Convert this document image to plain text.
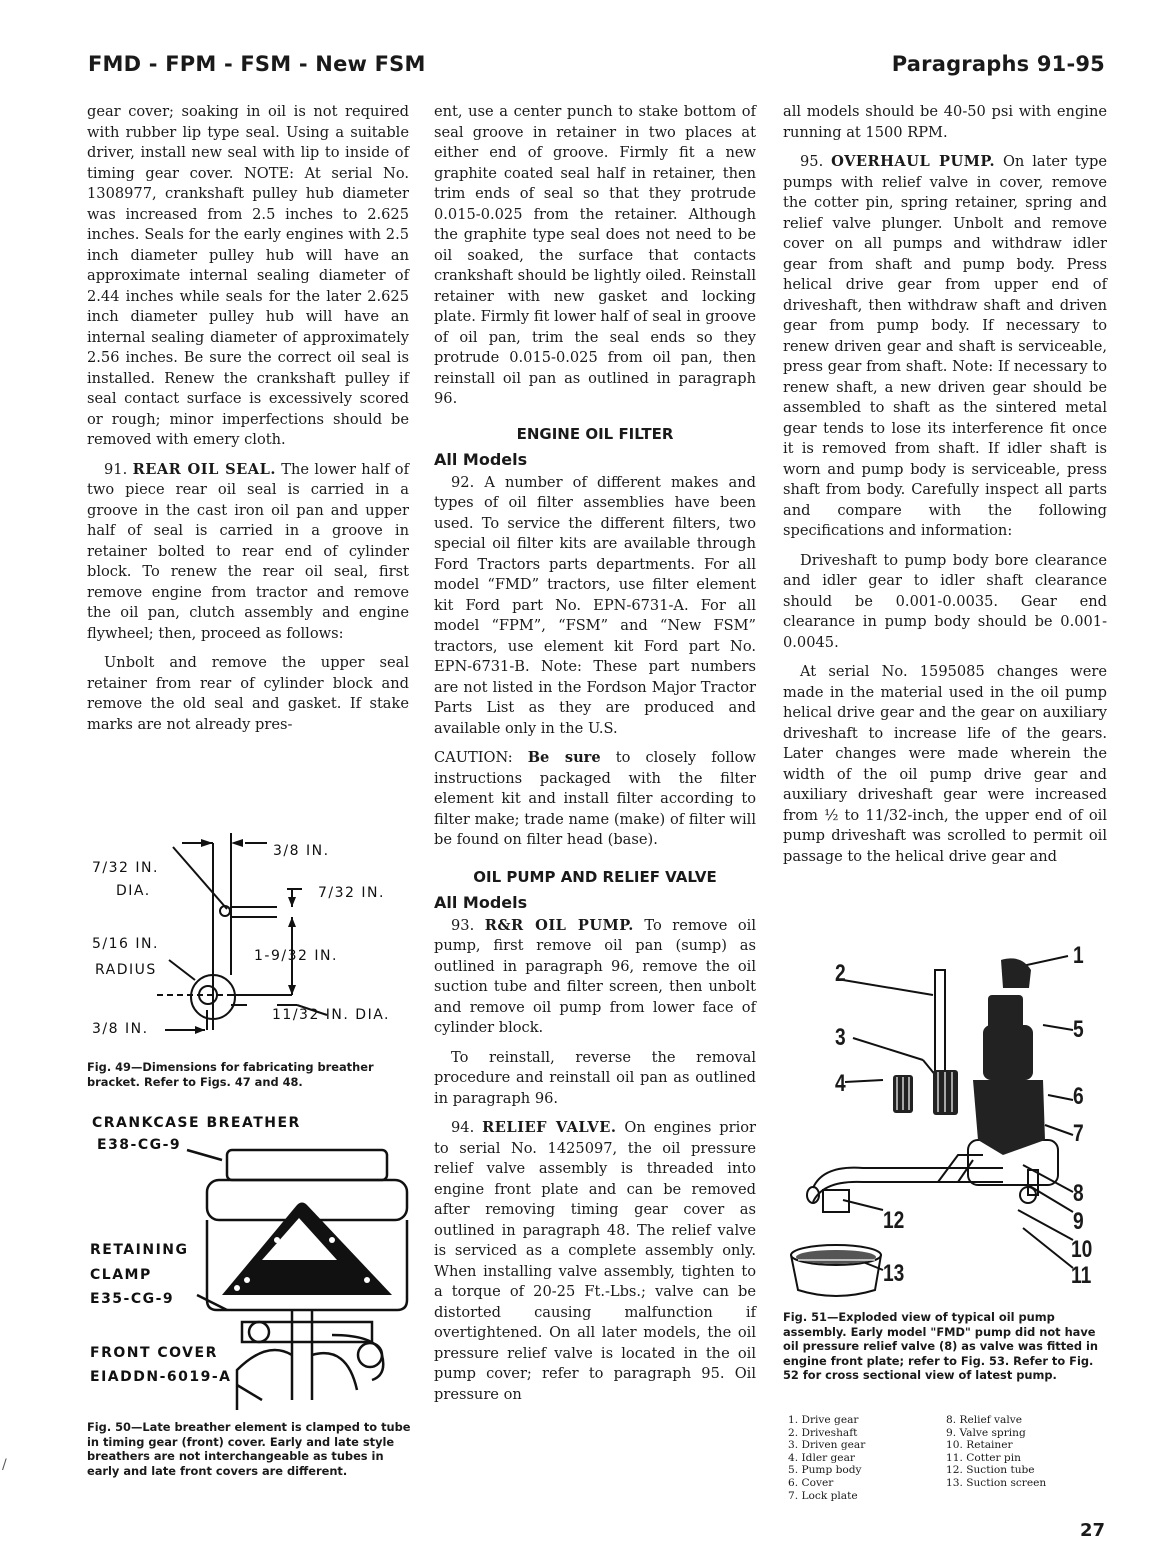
FMD - FPM - FSM - New FSM	Paragraphs 91-95

gear cover; soaking in oil is not required with rubber lip type seal. Using a suitable driver, install new seal with lip to inside of timing gear cover. NOTE: At serial No. 1308977, crankshaft pulley hub diameter was increased from 2.5 inches to 2.625 inches. Seals for the early engines with 2.5 inch diameter pulley hub will have an approximate internal sealing diameter of 2.44 inches while seals for the later 2.625 inch diameter pulley hub will have an internal sealing diameter of approximately 2.56 inches. Be sure the correct oil seal is installed. Renew the crankshaft pulley if seal contact surface is excessively scored or rough; minor imperfections should be removed with emery cloth.

91. REAR OIL SEAL. The lower half of two piece rear oil seal is carried in a groove in the cast iron oil pan and upper half of seal is carried in a groove in retainer bolted to rear end of cylinder block. To renew the rear oil seal, first remove engine from tractor and remove the oil pan, clutch assembly and engine flywheel; then, proceed as follows:

Unbolt and remove the upper seal retainer from rear of cylinder block and remove the old seal and gasket. If stake marks are not already pres-

3/8 IN.
7/32 IN.
DIA.	7/32 IN.
5/16 IN.
RADIUS
1-9/32 IN.
11/32 IN. DIA.
3/8 IN.
Fig. 49—Dimensions for fabricating breather bracket. Refer to Figs. 47 and 48.
CRANKCASE BREATHER
E38-CG-9
RETAINING
CLAMP
E35-CG-9
FRONT COVER
EIADDN-6019-A
Fig. 50—Late breather element is clamped to tube in timing gear (front) cover. Early and late style breathers are not interchangeable as tubes in early and late front covers are different.

ent, use a center punch to stake bottom of seal groove in retainer in two places at either end of groove. Firmly fit a new graphite coated seal half in retainer, then trim ends of seal so that they protrude 0.015-0.025 from the retainer. Although the graphite type seal does not need to be oil soaked, the surface that contacts crankshaft should be lightly oiled. Reinstall retainer with new gasket and locking plate. Firmly fit lower half of seal in groove of oil pan, trim the seal ends so they protrude 0.015-0.025 from oil pan, then reinstall oil pan as outlined in paragraph 96.

ENGINE OIL FILTER
All Models

92. A number of different makes and types of oil filter assemblies have been used. To service the different filters, two special oil filter kits are available through Ford Tractors parts departments. For all model “FMD” tractors, use filter element kit Ford part No. EPN-6731-A. For all model “FPM”, “FSM” and “New FSM” tractors, use element kit Ford part No. EPN-6731-B. Note: These part numbers are not listed in the Fordson Major Tractor Parts List as they are produced and available only in the U.S.

CAUTION: Be sure to closely follow instructions packaged with the filter element kit and install filter according to filter make; trade name (make) of filter will be found on filter head (base).

OIL PUMP AND RELIEF VALVE
All Models

93. R&R OIL PUMP. To remove oil pump, first remove oil pan (sump) as outlined in paragraph 96, remove the oil suction tube and filter screen, then unbolt and remove oil pump from lower face of cylinder block.

To reinstall, reverse the removal procedure and reinstall oil pan as outlined in paragraph 96.

94. RELIEF VALVE. On engines prior to serial No. 1425097, the oil pressure relief valve assembly is threaded into engine front plate and can be removed after removing timing gear cover as outlined in paragraph 48. The relief valve is serviced as a complete assembly only. When installing valve assembly, tighten to a torque of 20-25 Ft.-Lbs.; valve can be distorted causing malfunction if overtightened. On all later models, the oil pressure relief valve is located in the oil pump cover; refer to paragraph 95. Oil pressure on

all models should be 40-50 psi with engine running at 1500 RPM.

95. OVERHAUL PUMP. On later type pumps with relief valve in cover, remove the cotter pin, spring retainer, spring and relief valve plunger. Unbolt and remove cover on all pumps and withdraw idler gear from shaft and pump body. Press helical drive gear from upper end of driveshaft, then withdraw shaft and driven gear from pump body. If necessary to renew driven gear and shaft is serviceable, press gear from shaft. Note: If necessary to renew shaft, a new driven gear should be assembled to shaft as the sintered metal gear tends to lose its interference fit once it is removed from shaft. If idler shaft is worn and pump body is serviceable, press shaft from body. Carefully inspect all parts and compare with the following specifications and information:

Driveshaft to pump body bore clearance and idler gear to idler shaft clearance should be 0.001-0.0035. Gear end clearance in pump body should be 0.001-0.0045.

At serial No. 1595085 changes were made in the material used in the oil pump helical drive gear and the gear on auxiliary driveshaft to increase life of the gears. Later changes were made wherein the width of the oil pump drive gear and auxiliary driveshaft gear were increased from ½ to 11/32-inch, the upper end of oil pump driveshaft was scrolled to permit oil passage to the helical drive gear and

2
1
3	5
4	6
7
8
9
12
10
13	11
Fig. 51—Exploded view of typical oil pump assembly. Early model "FMD" pump did not have oil pressure relief valve (8) as valve was fitted in engine front plate; refer to Fig. 53. Refer to Fig. 52 for cross sectional view of latest pump.
1. Drive gear
2. Driveshaft
3. Driven gear
4. Idler gear
5. Pump body
6. Cover
7. Lock plate
8. Relief valve
9. Valve spring
10. Retainer
11. Cotter pin
12. Suction tube
13. Suction screen
27
/
